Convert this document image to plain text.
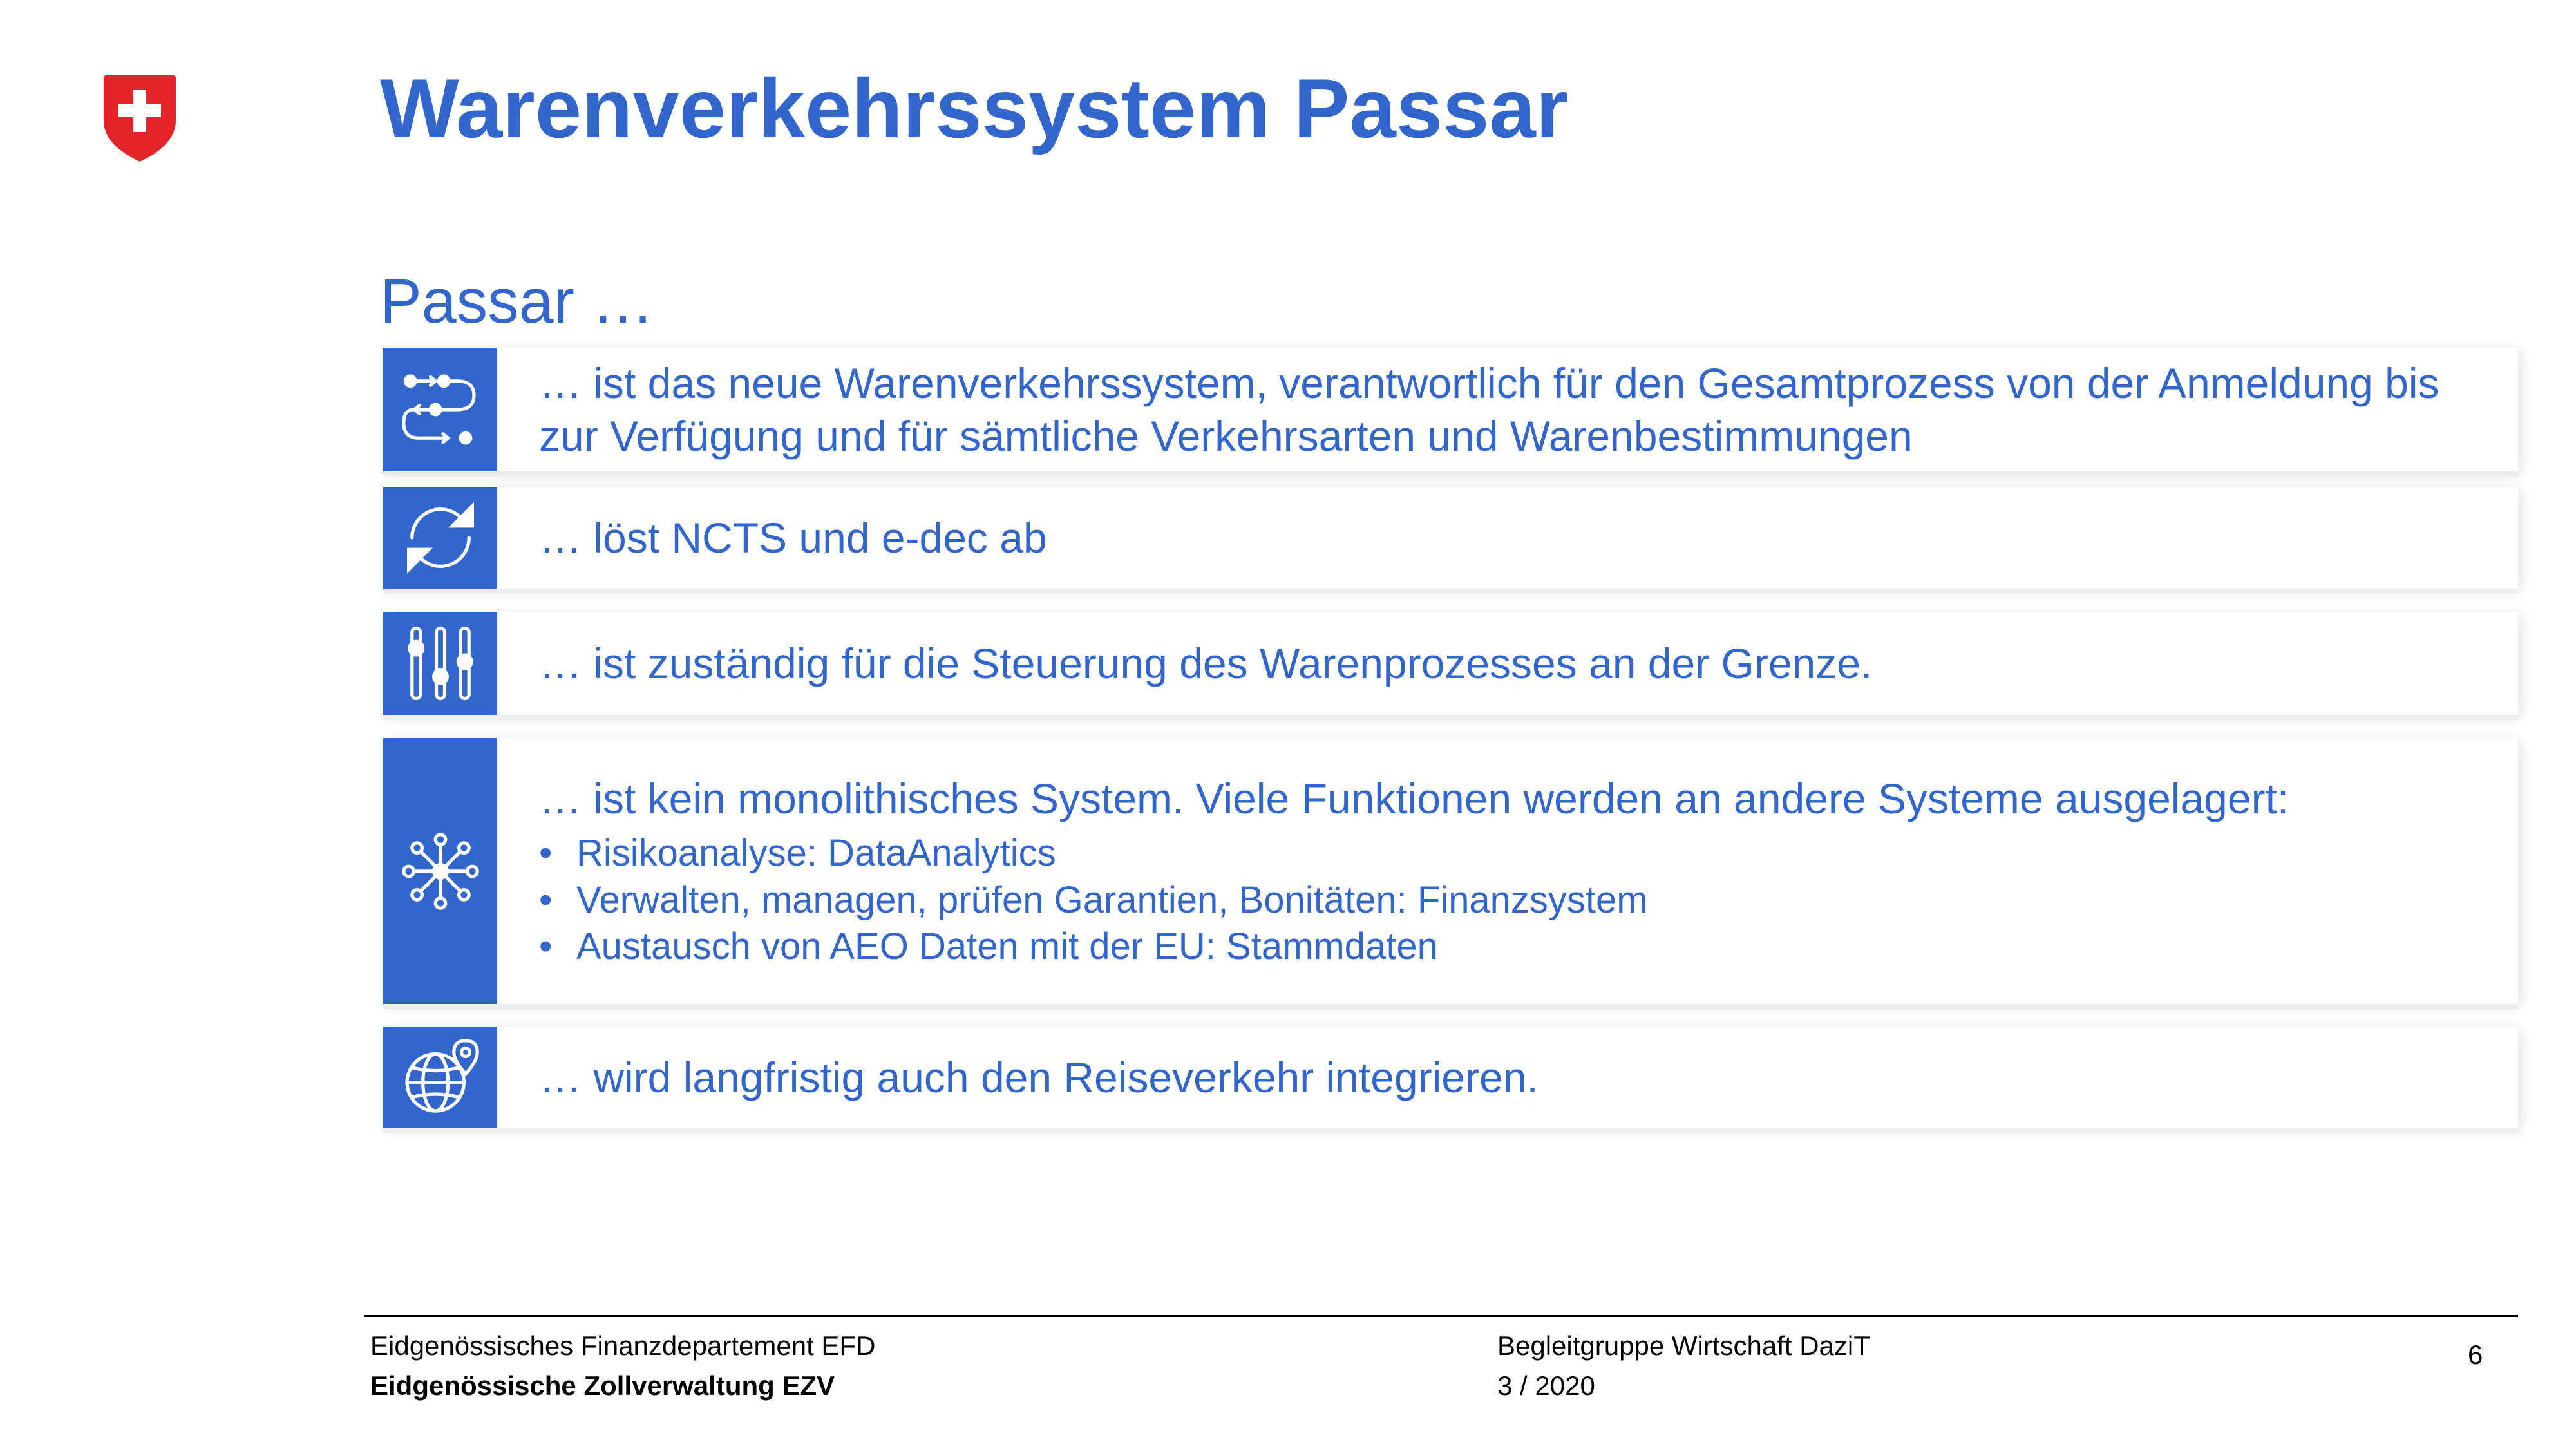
Warenverkehrssystem Passar
Passar …
… ist das neue Warenverkehrssystem, verantwortlich für den Gesamtprozess von der Anmeldung bis zur Verfügung und für sämtliche Verkehrsarten und Warenbestimmungen
… löst NCTS und e-dec ab
… ist zuständig für die Steuerung des Warenprozesses an der Grenze.
… ist kein monolithisches System. Viele Funktionen werden an andere Systeme ausgelagert:
• Risikoanalyse: DataAnalytics
• Verwalten, managen, prüfen Garantien, Bonitäten: Finanzsystem
• Austausch von AEO Daten mit der EU: Stammdaten
… wird langfristig auch den Reiseverkehr integrieren.
Eidgenössisches Finanzdepartement EFD
Eidgenössische Zollverwaltung EZV
Begleitgruppe Wirtschaft DaziT
3 / 2020
6
